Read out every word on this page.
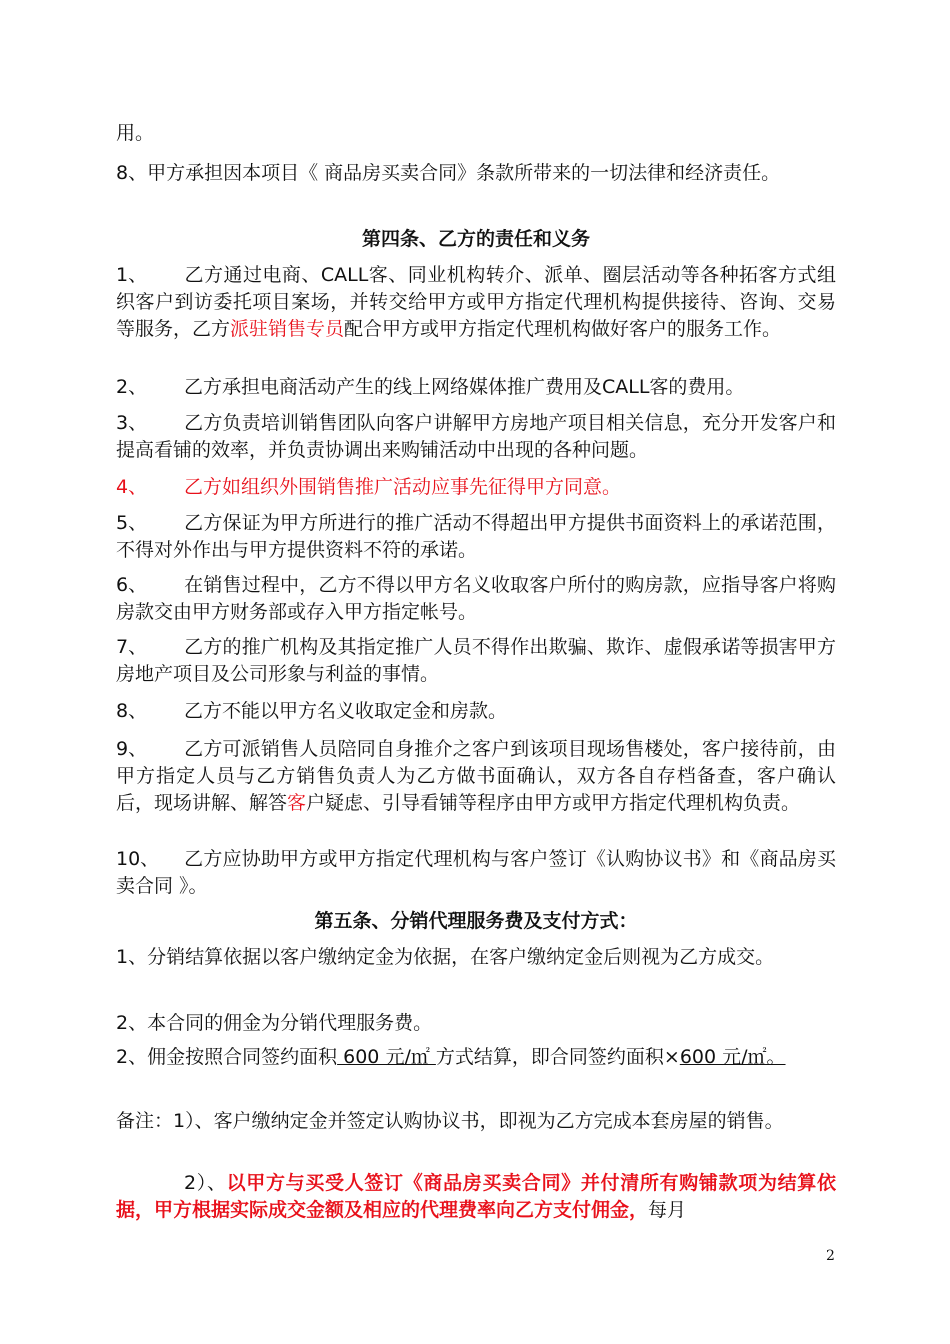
用。

8、甲方承担因本项目《 商品房买卖合同》条款所带来的一切法律和经济责任。

第四条、乙方的责任和义务

1、 乙方通过电商、CALL客、同业机构转介、派单、圈层活动等各种拓客方式组织客户到访委托项目案场，并转交给甲方或甲方指定代理机构提供接待、咨询、交易等服务，乙方派驻销售专员配合甲方或甲方指定代理机构做好客户的服务工作。

2、 乙方承担电商活动产生的线上网络媒体推广费用及CALL客的费用。

3、 乙方负责培训销售团队向客户讲解甲方房地产项目相关信息，充分开发客户和提高看铺的效率，并负责协调出来购铺活动中出现的各种问题。

4、 乙方如组织外围销售推广活动应事先征得甲方同意。

5、 乙方保证为甲方所进行的推广活动不得超出甲方提供书面资料上的承诺范围，不得对外作出与甲方提供资料不符的承诺。

6、 在销售过程中，乙方不得以甲方名义收取客户所付的购房款，应指导客户将购房款交由甲方财务部或存入甲方指定帐号。

7、 乙方的推广机构及其指定推广人员不得作出欺骗、欺诈、虚假承诺等损害甲方房地产项目及公司形象与利益的事情。

8、 乙方不能以甲方名义收取定金和房款。

9、 乙方可派销售人员陪同自身推介之客户到该项目现场售楼处，客户接待前，由甲方指定人员与乙方销售负责人为乙方做书面确认，双方各自存档备查，客户确认后，现场讲解、解答客户疑虑、引导看铺等程序由甲方或甲方指定代理机构负责。

10、 乙方应协助甲方或甲方指定代理机构与客户签订《认购协议书》和《商品房买卖合同 》。

第五条、分销代理服务费及支付方式：

1、分销结算依据以客户缴纳定金为依据，在客户缴纳定金后则视为乙方成交。

2、本合同的佣金为分销代理服务费。

2、佣金按照合同签约面积 600 元/㎡ 方式结算，即合同签约面积×600 元/㎡。

备注：1）、客户缴纳定金并签定认购协议书，即视为乙方完成本套房屋的销售。

2）、以甲方与买受人签订《商品房买卖合同》并付清所有购铺款项为结算依据，甲方根据实际成交金额及相应的代理费率向乙方支付佣金，每月

2
